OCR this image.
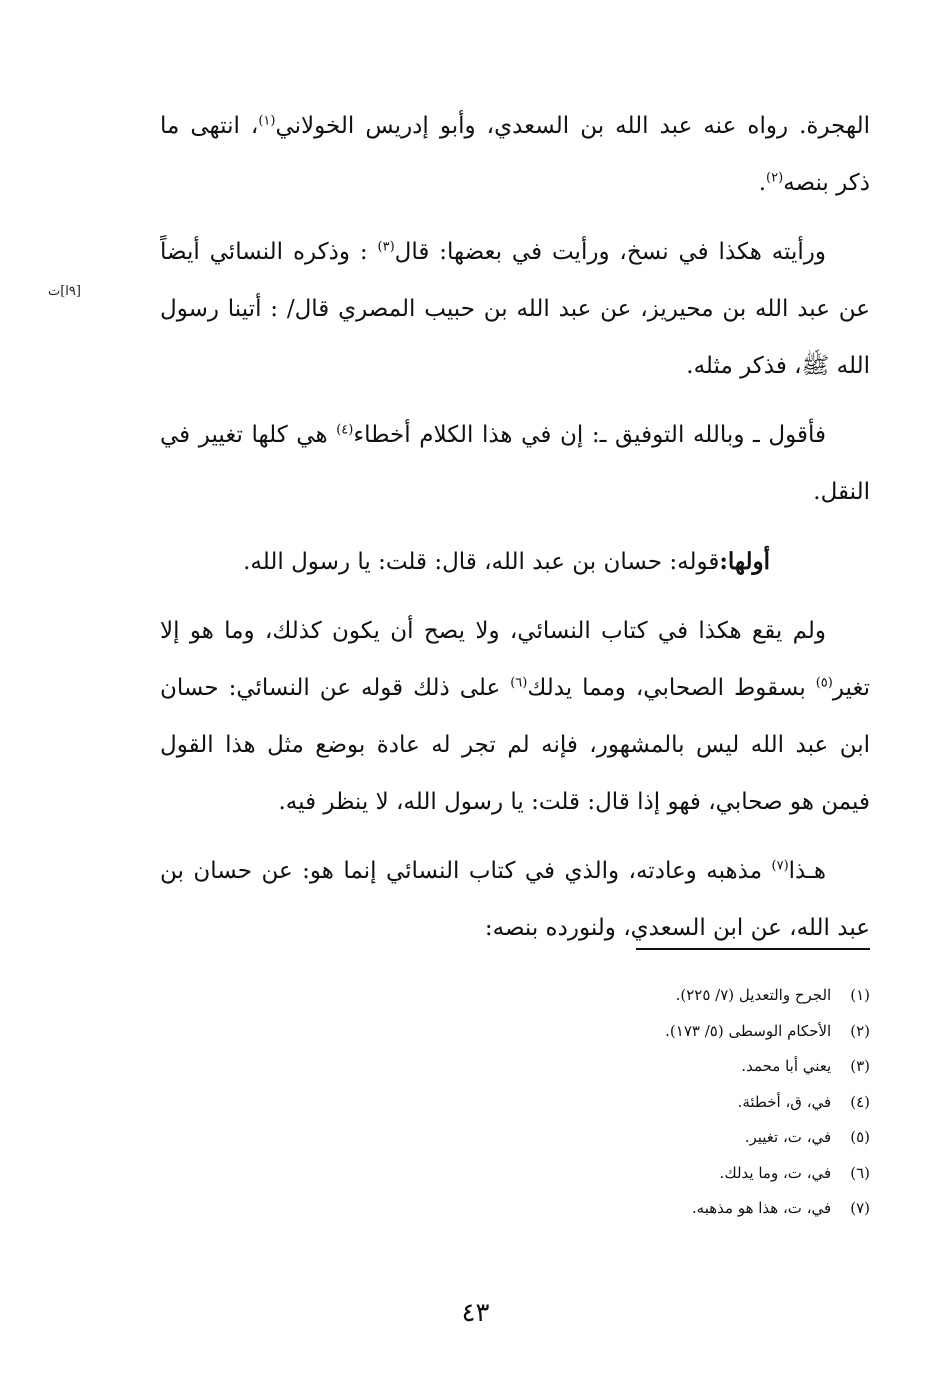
[٩ا]ت

الهجرة. رواه عنه عبد الله بن السعدي، وأبو إدريس الخولاني$^{(١)}$، انتهى ما ذكر بنصه$^{(٢)}$.

ورأيته هكذا في نسخ، ورأيت في بعضها: قال$^{(٣)}$ : وذكره النسائي أيضاً عن عبد الله بن محيريز، عن عبد الله بن حبيب المصري قال/ : أتينا رسول الله ﷺ، فذكر مثله.

فأقول ـ وبالله التوفيق ـ: إن في هذا الكلام أخطاء$^{(٤)}$ هي كلها تغيير في النقل.

أولها:قوله: حسان بن عبد الله، قال: قلت: يا رسول الله.

ولم يقع هكذا في كتاب النسائي، ولا يصح أن يكون كذلك، وما هو إلا تغير$^{(٥)}$ بسقوط الصحابي، ومما يدلك$^{(٦)}$ على ذلك قوله عن النسائي: حسان ابن عبد الله ليس بالمشهور، فإنه لم تجر له عادة بوضع مثل هذا القول فيمن هو صحابي، فهو إذا قال: قلت: يا رسول الله، لا ينظر فيه.

هـذا$^{(٧)}$ مذهبه وعادته، والذي في كتاب النسائي إنما هو: عن حسان بن عبد الله، عن ابن السعدي، ولنورده بنصه:

(١) الجرح والتعديل (٧/ ٢٢٥).
(٢) الأحكام الوسطى (٥/ ١٧٣).
(٣) يعني أبا محمد.
(٤) في، ق، أخطئة.
(٥) في، ت، تغيير.
(٦) في، ت، وما يدلك.
(٧) في، ت، هذا هو مذهبه.
٤٣
